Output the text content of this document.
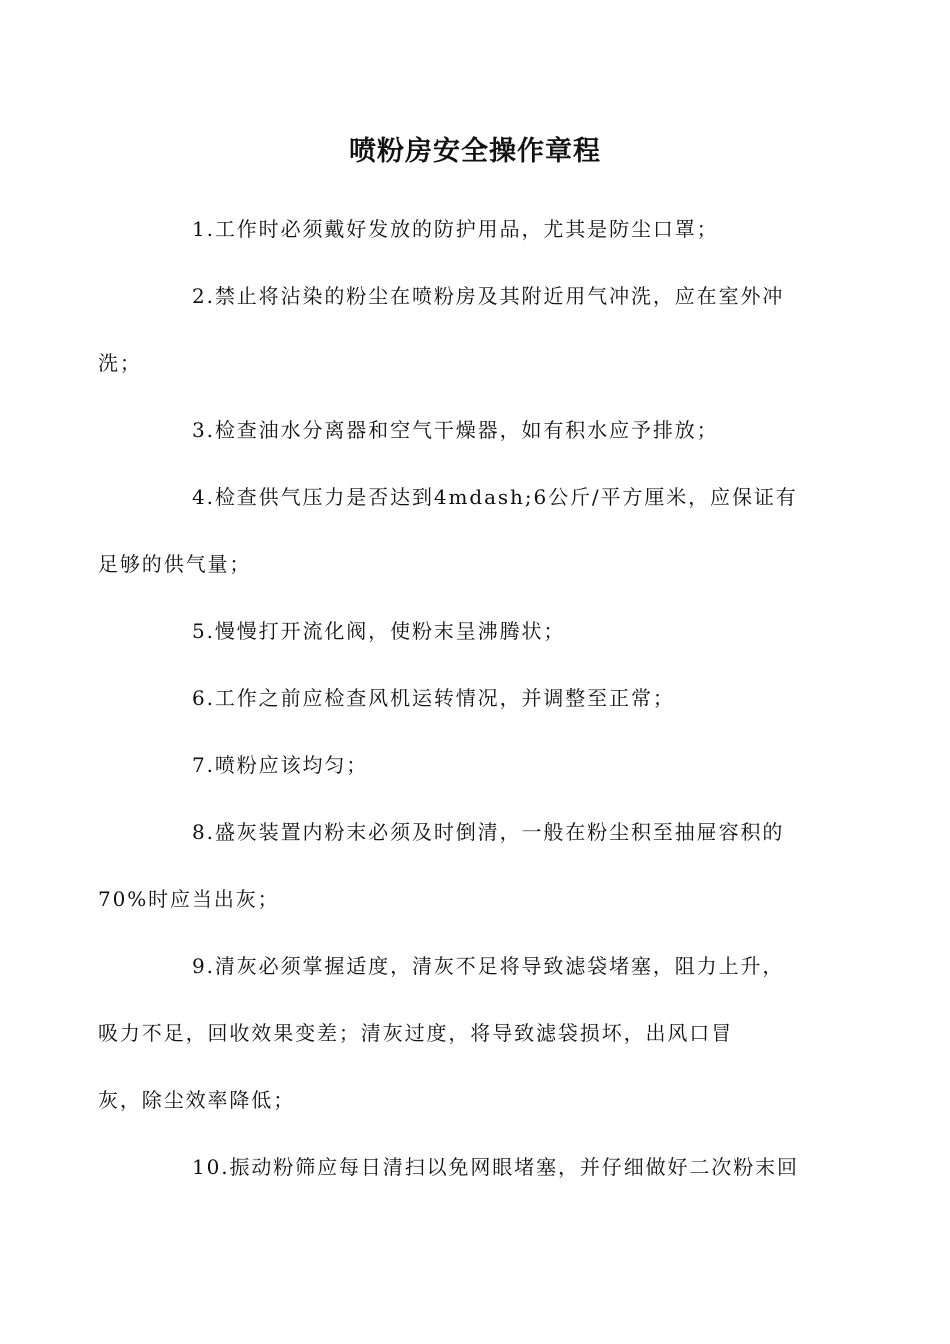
喷粉房安全操作章程

1.工作时必须戴好发放的防护用品，尤其是防尘口罩；

2.禁止将沾染的粉尘在喷粉房及其附近用气冲洗，应在室外冲
洗；

3.检查油水分离器和空气干燥器，如有积水应予排放；

4.检查供气压力是否达到4mdash;6公斤/平方厘米，应保证有
足够的供气量；

5.慢慢打开流化阀，使粉末呈沸腾状；

6.工作之前应检查风机运转情况，并调整至正常；

7.喷粉应该均匀；

8.盛灰装置内粉末必须及时倒清，一般在粉尘积至抽屉容积的
70%时应当出灰；

9.清灰必须掌握适度，清灰不足将导致滤袋堵塞，阻力上升，
吸力不足，回收效果变差；清灰过度，将导致滤袋损坏，出风口冒
灰，除尘效率降低；

10.振动粉筛应每日清扫以免网眼堵塞，并仔细做好二次粉末回
